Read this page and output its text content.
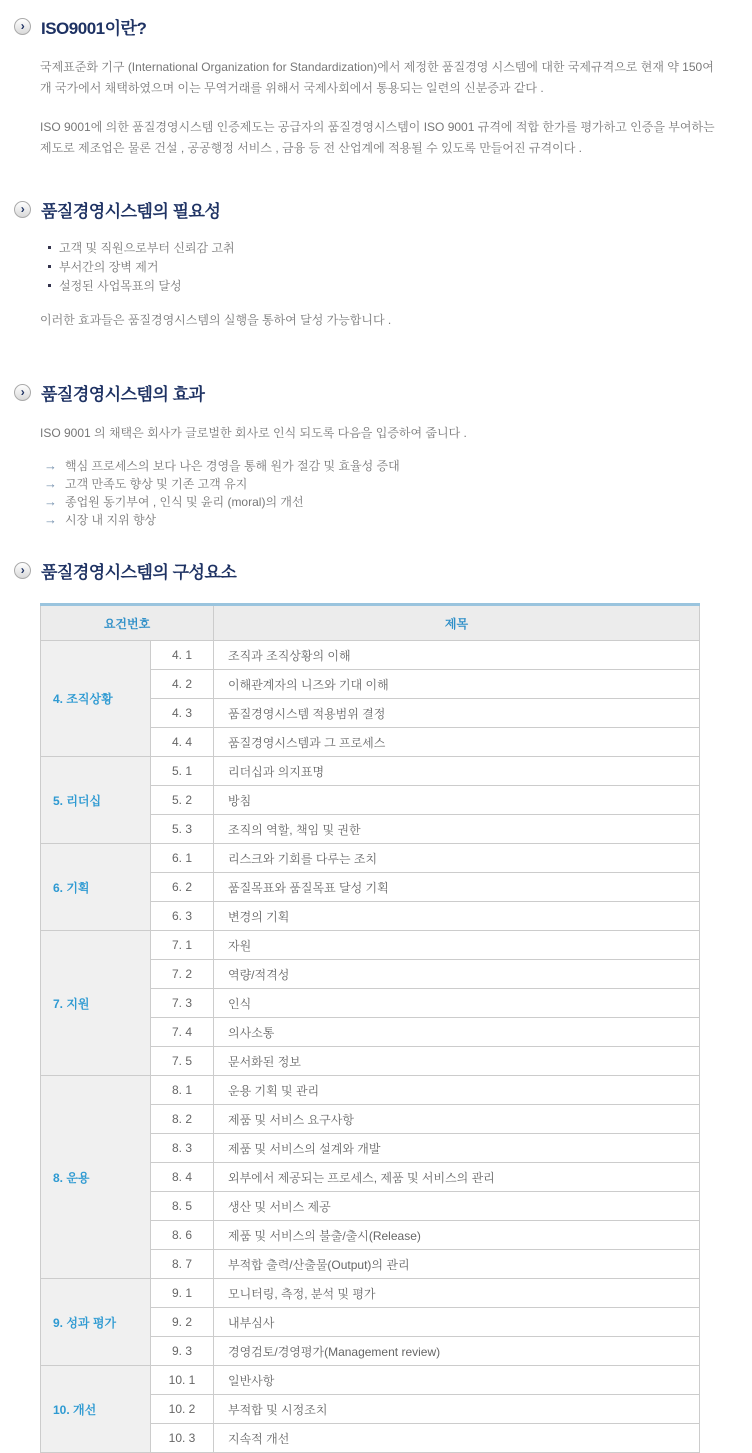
› ISO9001이란?

국제표준화 기구 (International Organization for Standardization)에서 제정한 품질경영 시스템에 대한 국제규격으로 현재 약 150여 개 국가에서 채택하였으며 이는 무역거래를 위해서 국제사회에서 통용되는 일련의 신분증과 같다 .

ISO 9001에 의한 품질경영시스템 인증제도는 공급자의 품질경영시스템이 ISO 9001 규격에 적합 한가를 평가하고 인증을 부여하는 제도로 제조업은 물론 건설 , 공공행정 서비스 , 금융 등 전 산업계에 적용될 수 있도록 만들어진 규격이다 .

› 품질경영시스템의 필요성
고객 및 직원으로부터 신뢰감 고취
부서간의 장벽 제거
설정된 사업목표의 달성

이러한 효과들은 품질경영시스템의 실행을 통하여 달성 가능합니다 .

› 품질경영시스템의 효과

ISO 9001 의 채택은 회사가 글로벌한 회사로 인식 되도록 다음을 입증하여 줍니다 .

→ 핵심 프로세스의 보다 나은 경영을 통해 원가 절감 및 효율성 증대
→ 고객 만족도 향상 및 기존 고객 유지
→ 종업원 동기부여 , 인식 및 윤리 (moral)의 개선
→ 시장 내 지위 향상
› 품질경영시스템의 구성요소
요건번호		제목
4. 조직상황	4. 1	조직과 조직상황의 이해
	4. 2	이해관계자의 니즈와 기대 이해
	4. 3	품질경영시스템 적용범위 결정
	4. 4	품질경영시스템과 그 프로세스
5. 리더십	5. 1	리더십과 의지표명
	5. 2	방침
	5. 3	조직의 역할, 책임 및 권한
6. 기획	6. 1	리스크와 기회를 다루는 조치
	6. 2	품질목표와 품질목표 달성 기획
	6. 3	변경의 기획
7. 지원	7. 1	자원
	7. 2	역량/적격성
	7. 3	인식
	7. 4	의사소통
	7. 5	문서화된 정보
8. 운용	8. 1	운용 기획 및 관리
	8. 2	제품 및 서비스 요구사항
	8. 3	제품 및 서비스의 설계와 개발
	8. 4	외부에서 제공되는 프로세스, 제품 및 서비스의 관리
	8. 5	생산 및 서비스 제공
	8. 6	제품 및 서비스의 불출/출시(Release)
	8. 7	부적합 출력/산출물(Output)의 관리
9. 성과 평가	9. 1	모니터링, 측정, 분석 및 평가
	9. 2	내부심사
	9. 3	경영검토/경영평가(Management review)
10. 개선	10. 1	일반사항
	10. 2	부적합 및 시정조치
	10. 3	지속적 개선
